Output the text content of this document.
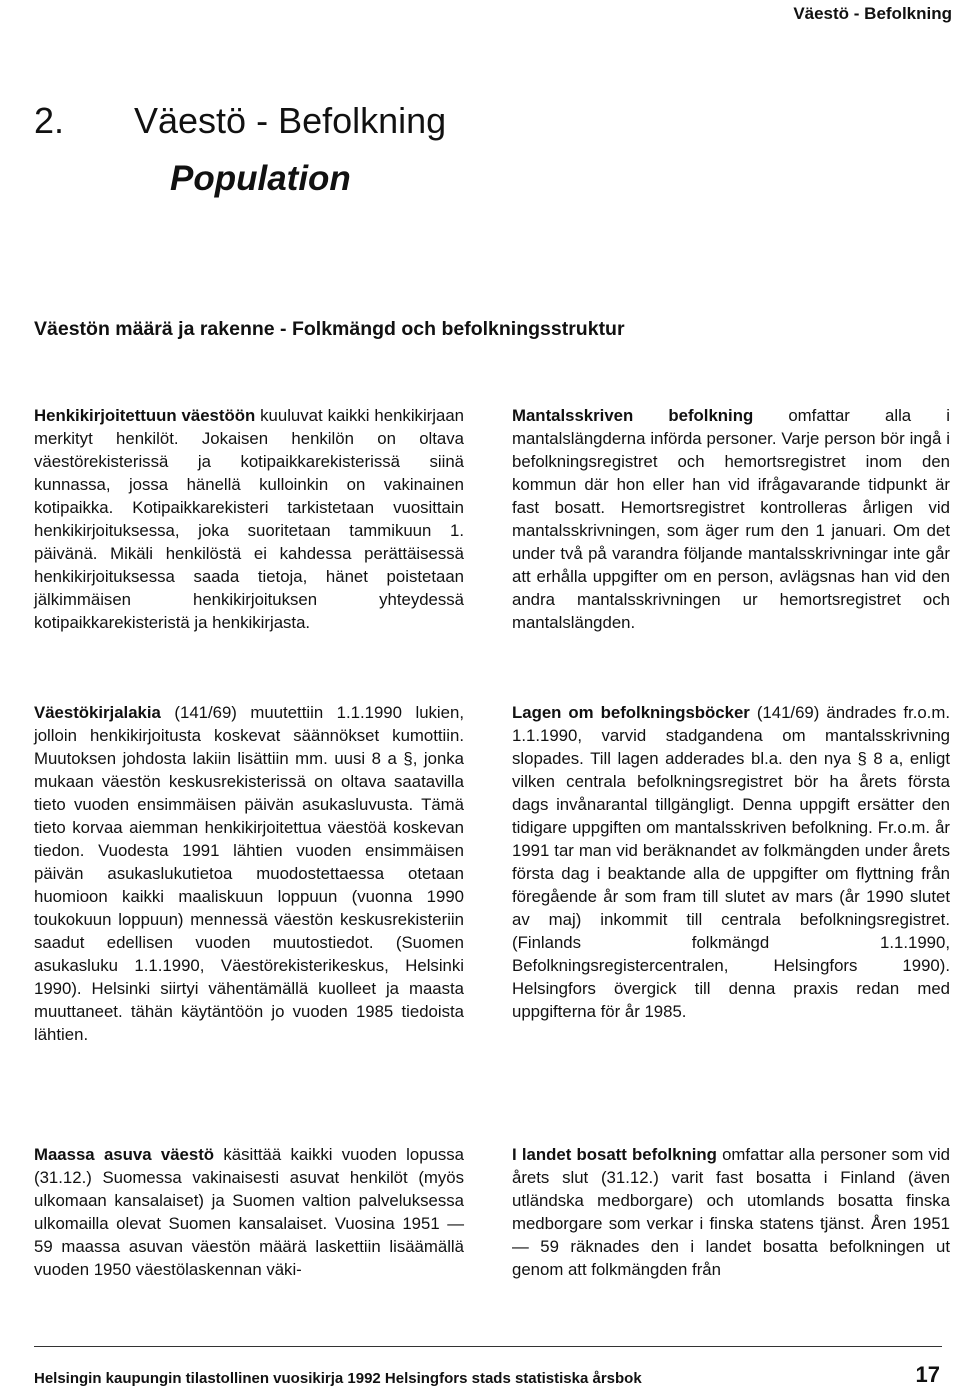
Väestö - Befolkning
2. Väestö - Befolkning
Population
Väestön määrä ja rakenne - Folkmängd och befolkningsstruktur

Henkikirjoitettuun väestöön kuuluvat kaikki henkikirjaan merkityt henkilöt. Jokaisen henkilön on oltava väestörekisterissä ja kotipaikkarekisterissä siinä kunnassa, jossa hänellä kulloinkin on vakinainen kotipaikka. Kotipaikkarekisteri tarkistetaan vuosittain henkikirjoituksessa, joka suoritetaan tammikuun 1. päivänä. Mikäli henkilöstä ei kahdessa perättäisessä henkikirjoituksessa saada tietoja, hänet poistetaan jälkimmäisen henkikirjoituksen yhteydessä kotipaikkarekisteristä ja henkikirjasta.

Väestökirjalakia (141/69) muutettiin 1.1.1990 lukien, jolloin henkikirjoitusta koskevat säännökset kumottiin. Muutoksen johdosta lakiin lisättiin mm. uusi 8 a §, jonka mukaan väestön keskusrekisterissä on oltava saatavilla tieto vuoden ensimmäisen päivän asukasluvusta. Tämä tieto korvaa aiemman henkikirjoitettua väestöä koskevan tiedon. Vuodesta 1991 lähtien vuoden ensimmäisen päivän asukaslukutietoa muodostettaessa otetaan huomioon kaikki maaliskuun loppuun (vuonna 1990 toukokuun loppuun) mennessä väestön keskusrekisteriin saadut edellisen vuoden muutostiedot. (Suomen asukasluku 1.1.1990, Väestörekisterikeskus, Helsinki 1990). Helsinki siirtyi vähentämällä kuolleet ja maasta muuttaneet. tähän käytäntöön jo vuoden 1985 tiedoista lähtien.

Maassa asuva väestö käsittää kaikki vuoden lopussa (31.12.) Suomessa vakinaisesti asuvat henkilöt (myös ulkomaan kansalaiset) ja Suomen valtion palveluksessa ulkomailla olevat Suomen kansalaiset. Vuosina 1951 — 59 maassa asuvan väestön määrä laskettiin lisäämällä vuoden 1950 väestölaskennan väki-

Mantalsskriven befolkning omfattar alla i mantalslängderna införda personer. Varje person bör ingå i befolkningsregistret och hemortsregistret inom den kommun där hon eller han vid ifrågavarande tidpunkt är fast bosatt. Hemortsregistret kontrolleras årligen vid mantalsskrivningen, som äger rum den 1 januari. Om det under två på varandra följande mantalsskrivningar inte går att erhålla uppgifter om en person, avlägsnas han vid den andra mantalsskrivningen ur hemortsregistret och mantalslängden.

Lagen om befolkningsböcker (141/69) ändrades fr.o.m. 1.1.1990, varvid stadgandena om mantalsskrivning slopades. Till lagen adderades bl.a. den nya § 8 a, enligt vilken centrala befolkningsregistret bör ha årets första dags invånarantal tillgängligt. Denna uppgift ersätter den tidigare uppgiften om mantalsskriven befolkning. Fr.o.m. år 1991 tar man vid beräknandet av folkmängden under årets första dag i beaktande alla de uppgifter om flyttning från föregående år som fram till slutet av mars (år 1990 slutet av maj) inkommit till centrala befolkningsregistret. (Finlands folkmängd 1.1.1990, Befolkningsregistercentralen, Helsingfors 1990). Helsingfors övergick till denna praxis redan med uppgifterna för år 1985.

I landet bosatt befolkning omfattar alla personer som vid årets slut (31.12.) varit fast bosatta i Finland (även utländska medborgare) och utomlands bosatta finska medborgare som verkar i finska statens tjänst. Åren 1951 — 59 räknades den i landet bosatta befolkningen ut genom att folkmängden från

Helsingin kaupungin tilastollinen vuosikirja 1992 Helsingfors stads statistiska årsbok	17
